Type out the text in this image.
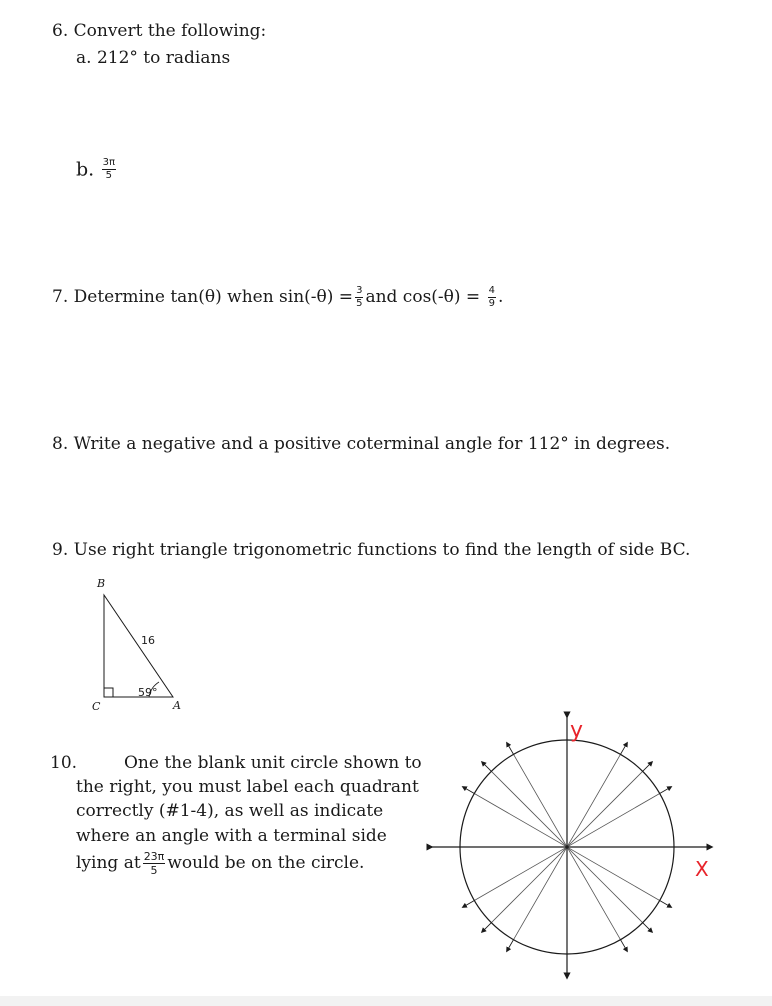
6. Convert the following:
a. 212° to radians
b. $\frac{3\pi}{5}$
7. Determine tan(θ) when $\sin(-\theta) = \frac{3}{5}$ and $\cos(-\theta) = \frac{4}{9}$ .
8. Write a negative and a positive coterminal angle for 112° in degrees.
9. Use right triangle trigonometric functions to find the length of side BC.
B
C	A
16
59°
10.	One the blank unit circle shown to
the right, you must label each quadrant
correctly (#1-4), as well as indicate
where an angle with a terminal side
lying at $\frac{23\pi}{5}$ would be on the circle.
y
X
